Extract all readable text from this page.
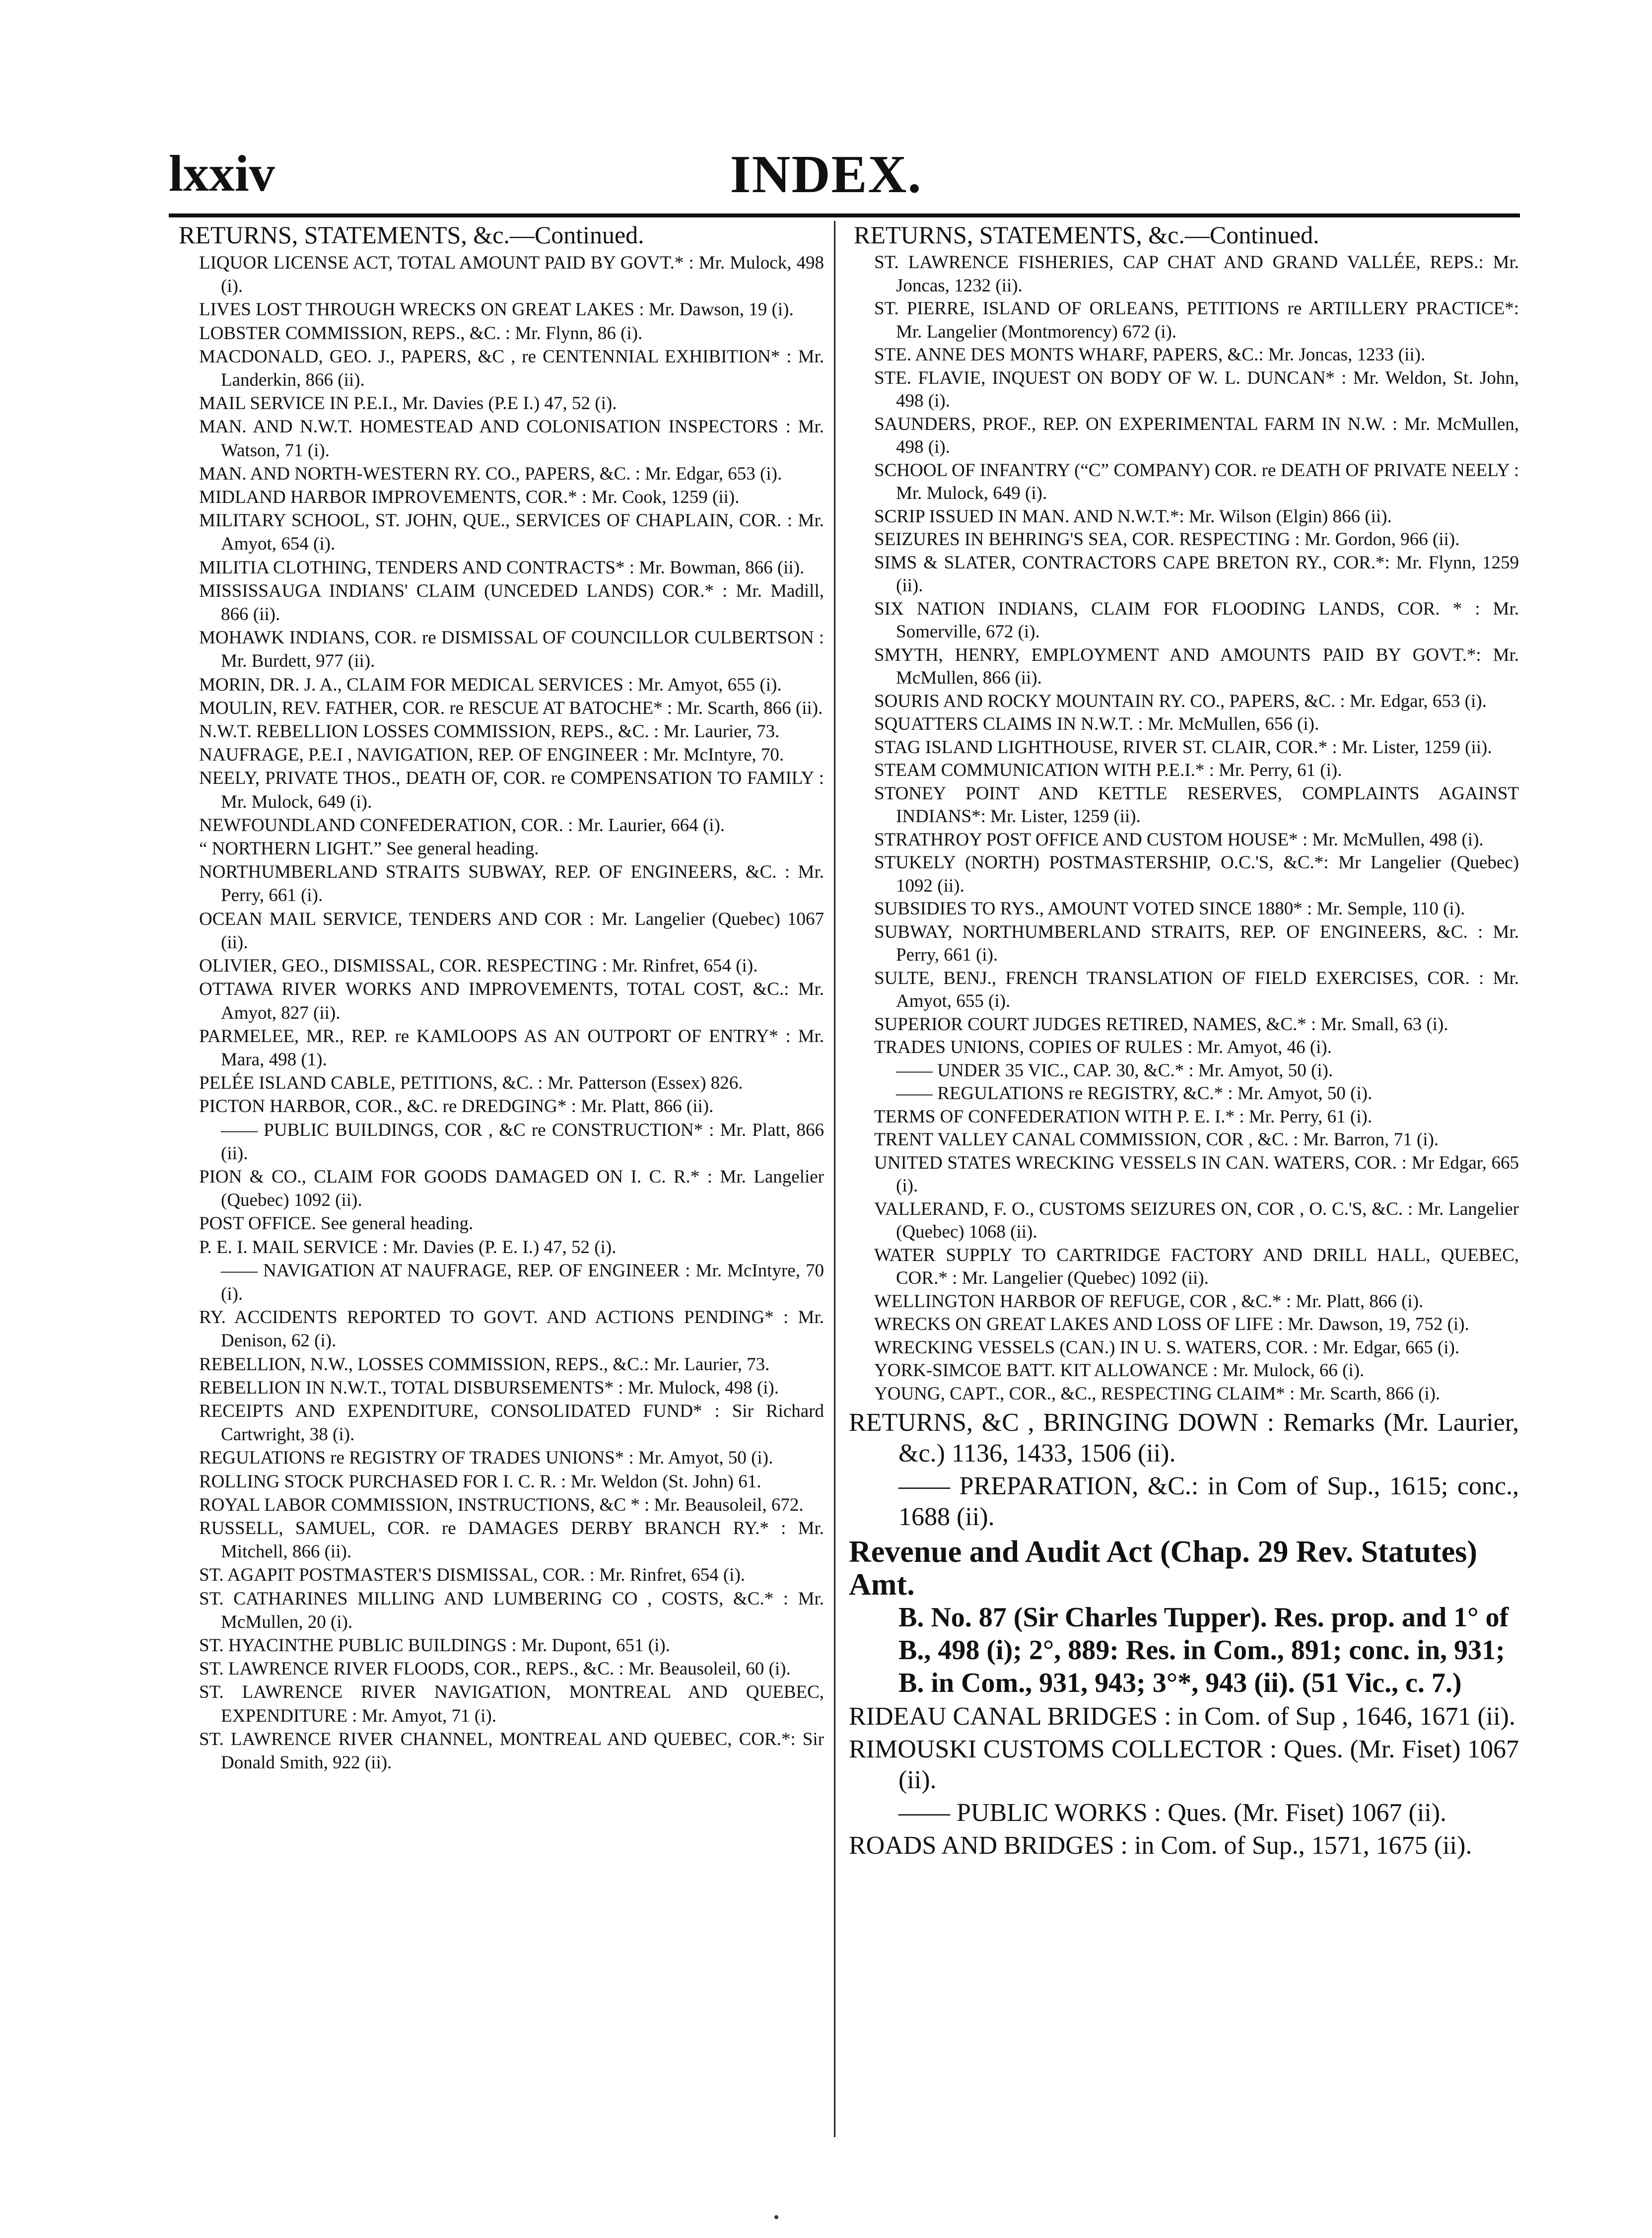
lxxiv	INDEX.
RETURNS, STATEMENTS, &c.—Continued.
LIQUOR LICENSE ACT, TOTAL AMOUNT PAID BY GOVT.* : Mr. Mulock, 498 (i).
LIVES LOST THROUGH WRECKS ON GREAT LAKES : Mr. Dawson, 19 (i).
LOBSTER COMMISSION, REPS., &C. : Mr. Flynn, 86 (i).
MACDONALD, GEO. J., PAPERS, &C , re CENTENNIAL EXHIBITION* : Mr. Landerkin, 866 (ii).
MAIL SERVICE IN P.E.I., Mr. Davies (P.E I.) 47, 52 (i).
MAN. AND N.W.T. HOMESTEAD AND COLONISATION INSPECTORS : Mr. Watson, 71 (i).
MAN. AND NORTH-WESTERN RY. CO., PAPERS, &C. : Mr. Edgar, 653 (i).
MIDLAND HARBOR IMPROVEMENTS, COR.* : Mr. Cook, 1259 (ii).
MILITARY SCHOOL, ST. JOHN, QUE., SERVICES OF CHAPLAIN, COR. : Mr. Amyot, 654 (i).
MILITIA CLOTHING, TENDERS AND CONTRACTS* : Mr. Bowman, 866 (ii).
MISSISSAUGA INDIANS' CLAIM (UNCEDED LANDS) COR.* : Mr. Madill, 866 (ii).
MOHAWK INDIANS, COR. re DISMISSAL OF COUNCILLOR CULBERTSON : Mr. Burdett, 977 (ii).
MORIN, DR. J. A., CLAIM FOR MEDICAL SERVICES : Mr. Amyot, 655 (i).
MOULIN, REV. FATHER, COR. re RESCUE AT BATOCHE* : Mr. Scarth, 866 (ii).
N.W.T. REBELLION LOSSES COMMISSION, REPS., &C. : Mr. Laurier, 73.
NAUFRAGE, P.E.I , NAVIGATION, REP. OF ENGINEER : Mr. McIntyre, 70.
NEELY, PRIVATE THOS., DEATH OF, COR. re COMPENSATION TO FAMILY : Mr. Mulock, 649 (i).
NEWFOUNDLAND CONFEDERATION, COR. : Mr. Laurier, 664 (i).
“ NORTHERN LIGHT.” See general heading.
NORTHUMBERLAND STRAITS SUBWAY, REP. OF ENGINEERS, &C. : Mr. Perry, 661 (i).
OCEAN MAIL SERVICE, TENDERS AND COR : Mr. Langelier (Quebec) 1067 (ii).
OLIVIER, GEO., DISMISSAL, COR. RESPECTING : Mr. Rinfret, 654 (i).
OTTAWA RIVER WORKS AND IMPROVEMENTS, TOTAL COST, &C.: Mr. Amyot, 827 (ii).
PARMELEE, MR., REP. re KAMLOOPS AS AN OUTPORT OF ENTRY* : Mr. Mara, 498 (1).
PELÉE ISLAND CABLE, PETITIONS, &C. : Mr. Patterson (Essex) 826.
PICTON HARBOR, COR., &C. re DREDGING* : Mr. Platt, 866 (ii).
—— PUBLIC BUILDINGS, COR , &C re CONSTRUCTION* : Mr. Platt, 866 (ii).
PION & CO., CLAIM FOR GOODS DAMAGED ON I. C. R.* : Mr. Langelier (Quebec) 1092 (ii).
POST OFFICE. See general heading.
P. E. I. MAIL SERVICE : Mr. Davies (P. E. I.) 47, 52 (i).
—— NAVIGATION AT NAUFRAGE, REP. OF ENGINEER : Mr. McIntyre, 70 (i).
RY. ACCIDENTS REPORTED TO GOVT. AND ACTIONS PENDING* : Mr. Denison, 62 (i).
REBELLION, N.W., LOSSES COMMISSION, REPS., &C.: Mr. Laurier, 73.
REBELLION IN N.W.T., TOTAL DISBURSEMENTS* : Mr. Mulock, 498 (i).
RECEIPTS AND EXPENDITURE, CONSOLIDATED FUND* : Sir Richard Cartwright, 38 (i).
REGULATIONS re REGISTRY OF TRADES UNIONS* : Mr. Amyot, 50 (i).
ROLLING STOCK PURCHASED FOR I. C. R. : Mr. Weldon (St. John) 61.
ROYAL LABOR COMMISSION, INSTRUCTIONS, &C * : Mr. Beausoleil, 672.
RUSSELL, SAMUEL, COR. re DAMAGES DERBY BRANCH RY.* : Mr. Mitchell, 866 (ii).
ST. AGAPIT POSTMASTER'S DISMISSAL, COR. : Mr. Rinfret, 654 (i).
ST. CATHARINES MILLING AND LUMBERING CO , COSTS, &C.* : Mr. McMullen, 20 (i).
ST. HYACINTHE PUBLIC BUILDINGS : Mr. Dupont, 651 (i).
ST. LAWRENCE RIVER FLOODS, COR., REPS., &C. : Mr. Beausoleil, 60 (i).
ST. LAWRENCE RIVER NAVIGATION, MONTREAL AND QUEBEC, EXPENDITURE : Mr. Amyot, 71 (i).
ST. LAWRENCE RIVER CHANNEL, MONTREAL AND QUEBEC, COR.*: Sir Donald Smith, 922 (ii).
RETURNS, STATEMENTS, &c.—Continued.
ST. LAWRENCE FISHERIES, CAP CHAT AND GRAND VALLÉE, REPS.: Mr. Joncas, 1232 (ii).
ST. PIERRE, ISLAND OF ORLEANS, PETITIONS re ARTILLERY PRACTICE*: Mr. Langelier (Montmorency) 672 (i).
STE. ANNE DES MONTS WHARF, PAPERS, &C.: Mr. Joncas, 1233 (ii).
STE. FLAVIE, INQUEST ON BODY OF W. L. DUNCAN* : Mr. Weldon, St. John, 498 (i).
SAUNDERS, PROF., REP. ON EXPERIMENTAL FARM IN N.W. : Mr. McMullen, 498 (i).
SCHOOL OF INFANTRY (“C” COMPANY) COR. re DEATH OF PRIVATE NEELY : Mr. Mulock, 649 (i).
SCRIP ISSUED IN MAN. AND N.W.T.*: Mr. Wilson (Elgin) 866 (ii).
SEIZURES IN BEHRING'S SEA, COR. RESPECTING : Mr. Gordon, 966 (ii).
SIMS & SLATER, CONTRACTORS CAPE BRETON RY., COR.*: Mr. Flynn, 1259 (ii).
SIX NATION INDIANS, CLAIM FOR FLOODING LANDS, COR. * : Mr. Somerville, 672 (i).
SMYTH, HENRY, EMPLOYMENT AND AMOUNTS PAID BY GOVT.*: Mr. McMullen, 866 (ii).
SOURIS AND ROCKY MOUNTAIN RY. CO., PAPERS, &C. : Mr. Edgar, 653 (i).
SQUATTERS CLAIMS IN N.W.T. : Mr. McMullen, 656 (i).
STAG ISLAND LIGHTHOUSE, RIVER ST. CLAIR, COR.* : Mr. Lister, 1259 (ii).
STEAM COMMUNICATION WITH P.E.I.* : Mr. Perry, 61 (i).
STONEY POINT AND KETTLE RESERVES, COMPLAINTS AGAINST INDIANS*: Mr. Lister, 1259 (ii).
STRATHROY POST OFFICE AND CUSTOM HOUSE* : Mr. McMullen, 498 (i).
STUKELY (NORTH) POSTMASTERSHIP, O.C.'S, &C.*: Mr Langelier (Quebec) 1092 (ii).
SUBSIDIES TO RYS., AMOUNT VOTED SINCE 1880* : Mr. Semple, 110 (i).
SUBWAY, NORTHUMBERLAND STRAITS, REP. OF ENGINEERS, &C. : Mr. Perry, 661 (i).
SULTE, BENJ., FRENCH TRANSLATION OF FIELD EXERCISES, COR. : Mr. Amyot, 655 (i).
SUPERIOR COURT JUDGES RETIRED, NAMES, &C.* : Mr. Small, 63 (i).
TRADES UNIONS, COPIES OF RULES : Mr. Amyot, 46 (i).
—— UNDER 35 VIC., CAP. 30, &C.* : Mr. Amyot, 50 (i).
—— REGULATIONS re REGISTRY, &C.* : Mr. Amyot, 50 (i).
TERMS OF CONFEDERATION WITH P. E. I.* : Mr. Perry, 61 (i).
TRENT VALLEY CANAL COMMISSION, COR , &C. : Mr. Barron, 71 (i).
UNITED STATES WRECKING VESSELS IN CAN. WATERS, COR. : Mr Edgar, 665 (i).
VALLERAND, F. O., CUSTOMS SEIZURES ON, COR , O. C.'S, &C. : Mr. Langelier (Quebec) 1068 (ii).
WATER SUPPLY TO CARTRIDGE FACTORY AND DRILL HALL, QUEBEC, COR.* : Mr. Langelier (Quebec) 1092 (ii).
WELLINGTON HARBOR OF REFUGE, COR , &C.* : Mr. Platt, 866 (i).
WRECKS ON GREAT LAKES AND LOSS OF LIFE : Mr. Dawson, 19, 752 (i).
WRECKING VESSELS (CAN.) IN U. S. WATERS, COR. : Mr. Edgar, 665 (i).
YORK-SIMCOE BATT. KIT ALLOWANCE : Mr. Mulock, 66 (i).
YOUNG, CAPT., COR., &C., RESPECTING CLAIM* : Mr. Scarth, 866 (i).
RETURNS, &C , BRINGING DOWN : Remarks (Mr. Laurier, &c.) 1136, 1433, 1506 (ii).
—— PREPARATION, &C.: in Com of Sup., 1615; conc., 1688 (ii).
Revenue and Audit Act (Chap. 29 Rev. Statutes) Amt.
B. No. 87 (Sir Charles Tupper). Res. prop. and 1° of B., 498 (i); 2°, 889: Res. in Com., 891; conc. in, 931; B. in Com., 931, 943; 3°*, 943 (ii). (51 Vic., c. 7.)
RIDEAU CANAL BRIDGES : in Com. of Sup , 1646, 1671 (ii).
RIMOUSKI CUSTOMS COLLECTOR : Ques. (Mr. Fiset) 1067 (ii).
—— PUBLIC WORKS : Ques. (Mr. Fiset) 1067 (ii).
ROADS AND BRIDGES : in Com. of Sup., 1571, 1675 (ii).
